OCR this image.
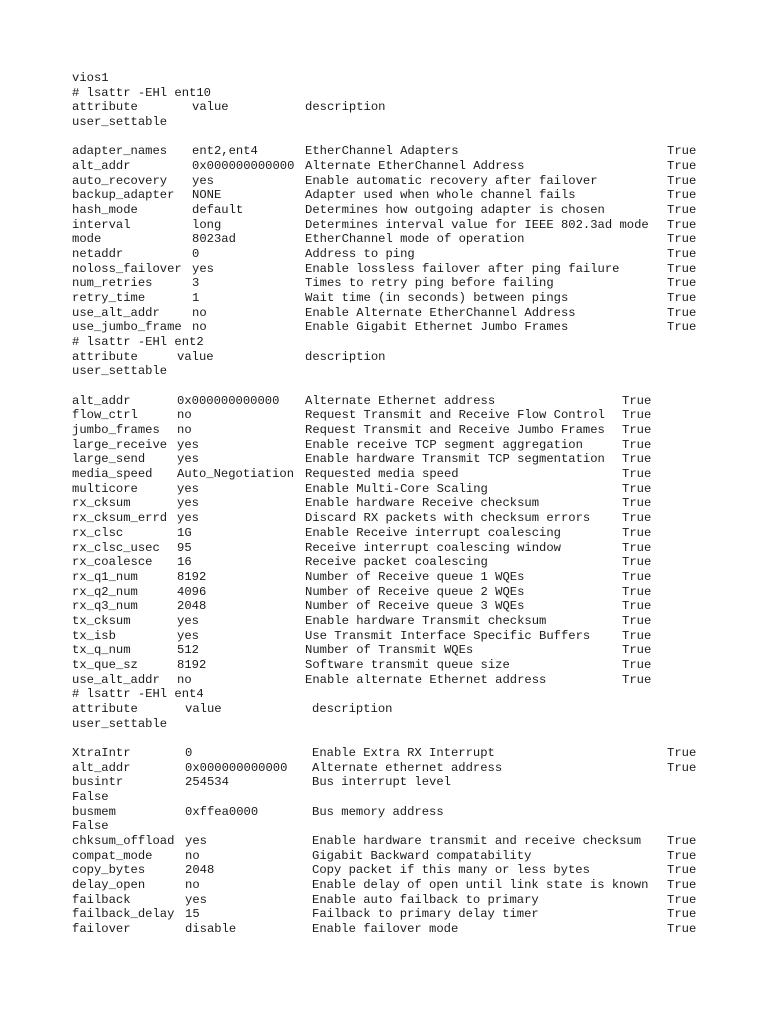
vios1
# lsattr -EHl ent10
attribute	value	description
user_settable
adapter_names ent2,ent4	EtherChannel Adapters	True
alt_addr	0x000000000000 Alternate EtherChannel Address	True
auto_recovery yes	Enable automatic recovery after failover	True
backup_adapter NONE	Adapter used when whole channel fails	True
hash_mode	default	Determines how outgoing adapter is chosen	True
interval	long	Determines interval value for IEEE 802.3ad mode True
mode	8023ad	EtherChannel mode of operation	True
netaddr	0	Address to ping	True
noloss_failover yes	Enable lossless failover after ping failure	True
num_retries	3	Times to retry ping before failing	True
retry_time	1	Wait time (in seconds) between pings	True
use_alt_addr	no	Enable Alternate EtherChannel Address	True
use_jumbo_frame no	Enable Gigabit Ethernet Jumbo Frames	True
# lsattr -EHl ent2
attribute	value	description
user_settable
alt_addr	0x000000000000 Alternate Ethernet address	True
flow_ctrl	no	Request Transmit and Receive Flow Control True
jumbo_frames no	Request Transmit and Receive Jumbo Frames True
large_receive yes	Enable receive TCP segment aggregation	True
large_send	yes	Enable hardware Transmit TCP segmentation True
media_speed Auto_Negotiation Requested media speed	True
multicore	yes	Enable Multi-Core Scaling	True
rx_cksum	yes	Enable hardware Receive checksum	True
rx_cksum_errd yes	Discard RX packets with checksum errors	True
rx_clsc	1G	Enable Receive interrupt coalescing	True
rx_clsc_usec 95	Receive interrupt coalescing window	True
rx_coalesce 16	Receive packet coalescing	True
rx_q1_num	8192	Number of Receive queue 1 WQEs	True
rx_q2_num	4096	Number of Receive queue 2 WQEs	True
rx_q3_num	2048	Number of Receive queue 3 WQEs	True
tx_cksum	yes	Enable hardware Transmit checksum	True
tx_isb	yes	Use Transmit Interface Specific Buffers	True
tx_q_num	512	Number of Transmit WQEs	True
tx_que_sz	8192	Software transmit queue size	True
use_alt_addr no	Enable alternate Ethernet address	True
# lsattr -EHl ent4
attribute	value	description
user_settable
XtraIntr	0	Enable Extra RX Interrupt	True
alt_addr	0x000000000000 Alternate ethernet address	True
busintr	254534	Bus interrupt level
False
busmem	0xffea0000	Bus memory address
False
chksum_offload yes	Enable hardware transmit and receive checksum True
compat_mode	no	Gigabit Backward compatability	True
copy_bytes	2048	Copy packet if this many or less bytes	True
delay_open	no	Enable delay of open until link state is known True
failback	yes	Enable auto failback to primary	True
failback_delay 15	Failback to primary delay timer	True
failover	disable	Enable failover mode	True
